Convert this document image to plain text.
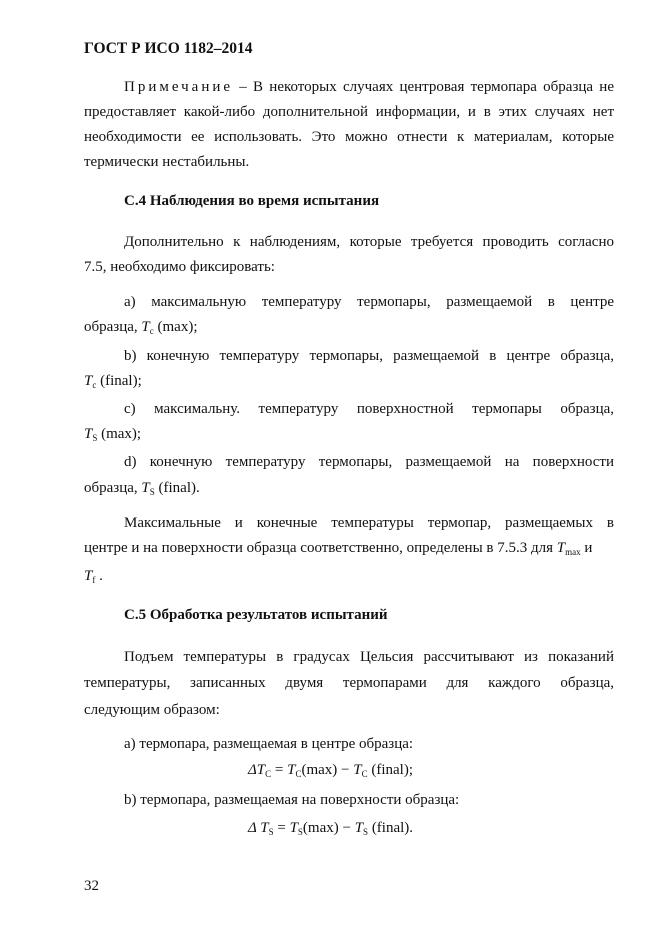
ГОСТ Р ИСО 1182–2014
Примечание – В некоторых случаях центровая термопара образца не
предоставляет какой-либо дополнительной информации, и в этих случаях нет
необходимости ее использовать. Это можно отнести к материалам, которые
термически нестабильны.
С.4 Наблюдения во время испытания
Дополнительно к наблюдениям, которые требуется проводить согласно
7.5, необходимо фиксировать:
a) максимальную температуру термопары, размещаемой в центре
образца, $T_c$ (max);
b) конечную температуру термопары, размещаемой в центре образца,
$T_c$ (final);
c) максимальну. температуру поверхностной термопары образца,
$T_S$ (max);
d) конечную температуру термопары, размещаемой на поверхности
образца, $T_S$ (final).
Максимальные и конечные температуры термопар, размещаемых в
центре и на поверхности образца соответственно, определены в 7.5.3 для $T_{max}$ и
$T_f$ .
С.5 Обработка результатов испытаний
Подъем температуры в градусах Цельсия рассчитывают из показаний
температуры, записанных двумя термопарами для каждого образца,
следующим образом:
a) термопара, размещаемая в центре образца:
$\Delta T_C = T_C(\max) - T_C$ (final);
b) термопара, размещаемая на поверхности образца:
Δ $T_S = T_S(\max) - T_S$ (final).
32
